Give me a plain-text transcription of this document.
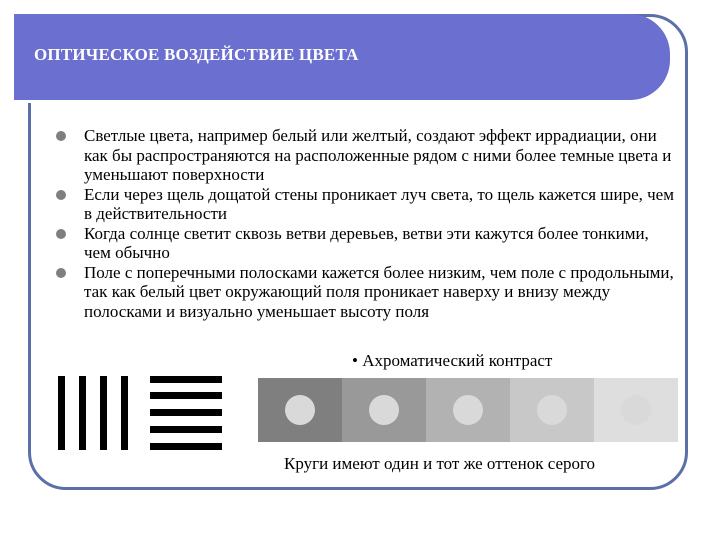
ОПТИЧЕСКОЕ ВОЗДЕЙСТВИЕ ЦВЕТА
Светлые цвета, например белый или желтый, создают эффект иррадиации, они как бы распространяются на расположенные рядом с ними более темные цвета и уменьшают поверхности
Если через щель дощатой стены проникает луч света, то щель кажется шире, чем в действительности
Когда солнце светит сквозь ветви деревьев, ветви эти кажутся более тонкими, чем обычно
Поле с поперечными полосками кажется более низким, чем поле с продольными, так как белый цвет окружающий поля проникает наверху и внизу между полосками и визуально уменьшает высоту поля
• Ахроматический контраст
Круги имеют один и тот же оттенок серого
